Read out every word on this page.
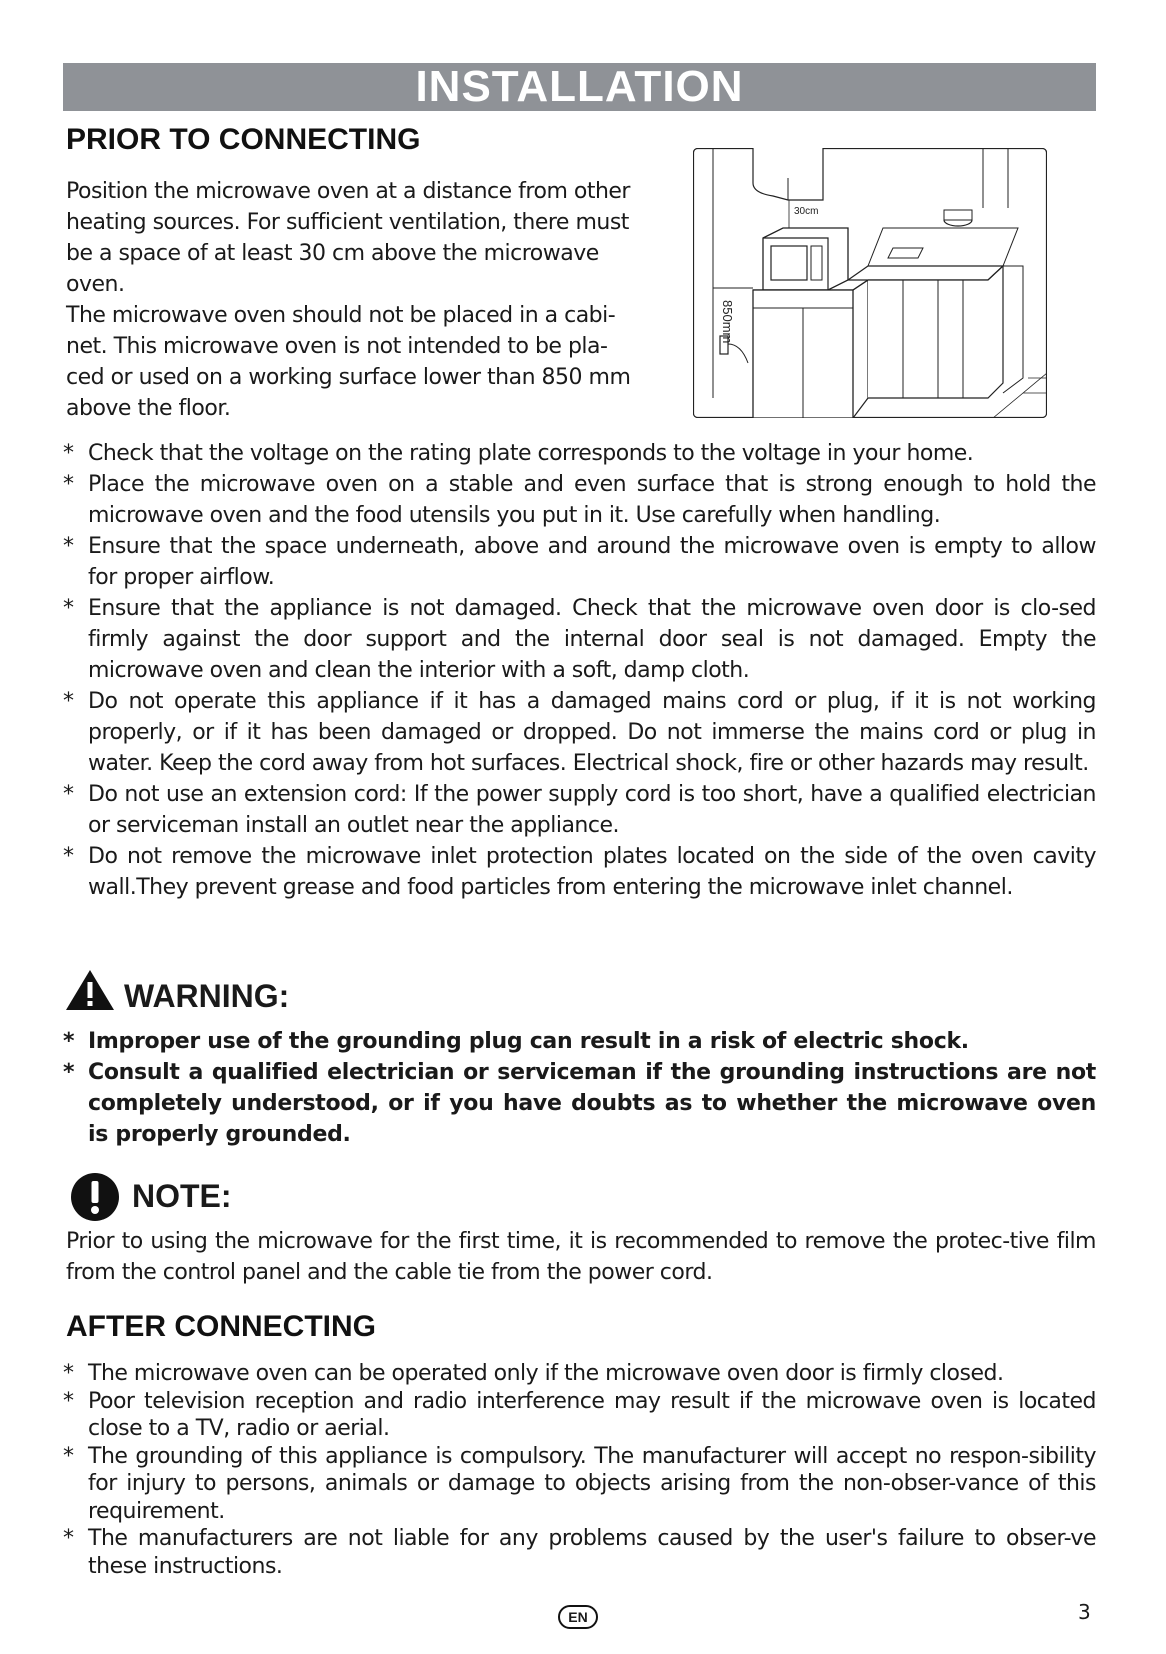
INSTALLATION
PRIOR TO CONNECTING
Position the microwave oven at a distance from other
heating sources. For sufficient ventilation, there must
be a space of at least 30 cm above the microwave
oven.
The microwave oven should not be placed in a cabi-
net. This microwave oven is not intended to be pla-
ced or used on a working surface lower than 850 mm
above the floor.
30cm
850mm
* Check that the voltage on the rating plate corresponds to the voltage in your home.
* Place the microwave oven on a stable and even surface that is strong enough to hold the microwave oven and the food utensils you put in it. Use carefully when handling.
* Ensure that the space underneath, above and around the microwave oven is empty to allow for proper airflow.
* Ensure that the appliance is not damaged. Check that the microwave oven door is clo-sed firmly against the door support and the internal door seal is not damaged. Empty the microwave oven and clean the interior with a soft, damp cloth.
* Do not operate this appliance if it has a damaged mains cord or plug, if it is not working properly, or if it has been damaged or dropped. Do not immerse the mains cord or plug in water. Keep the cord away from hot surfaces. Electrical shock, fire or other hazards may result.
* Do not use an extension cord: If the power supply cord is too short, have a qualified electrician or serviceman install an outlet near the appliance.
* Do not remove the microwave inlet protection plates located on the side of the oven cavity wall.They prevent grease and food particles from entering the microwave inlet channel.
WARNING:
* Improper use of the grounding plug can result in a risk of electric shock.
* Consult a qualified electrician or serviceman if the grounding instructions are not completely understood, or if you have doubts as to whether the microwave oven is properly grounded.
NOTE:
Prior to using the microwave for the first time, it is recommended to remove the protec-tive film from the control panel and the cable tie from the power cord.
AFTER CONNECTING
* The microwave oven can be operated only if the microwave oven door is firmly closed.
* Poor television reception and radio interference may result if the microwave oven is located close to a TV, radio or aerial.
* The grounding of this appliance is compulsory. The manufacturer will accept no respon-sibility for injury to persons, animals or damage to objects arising from the non-obser-vance of this requirement.
* The manufacturers are not liable for any problems caused by the user's failure to obser-ve these instructions.
EN	3
